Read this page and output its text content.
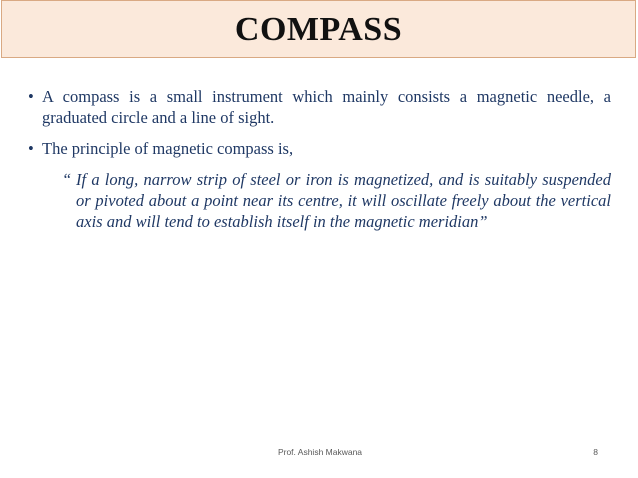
COMPASS
• A compass is a small instrument which mainly consists a magnetic needle, a graduated circle and a line of sight.
• The principle of magnetic compass is,
“ If a long, narrow strip of steel or iron is magnetized, and is suitably suspended or pivoted about a point near its centre, it will oscillate freely about the vertical axis and will tend to establish itself in the magnetic meridian”
Prof. Ashish Makwana	8
